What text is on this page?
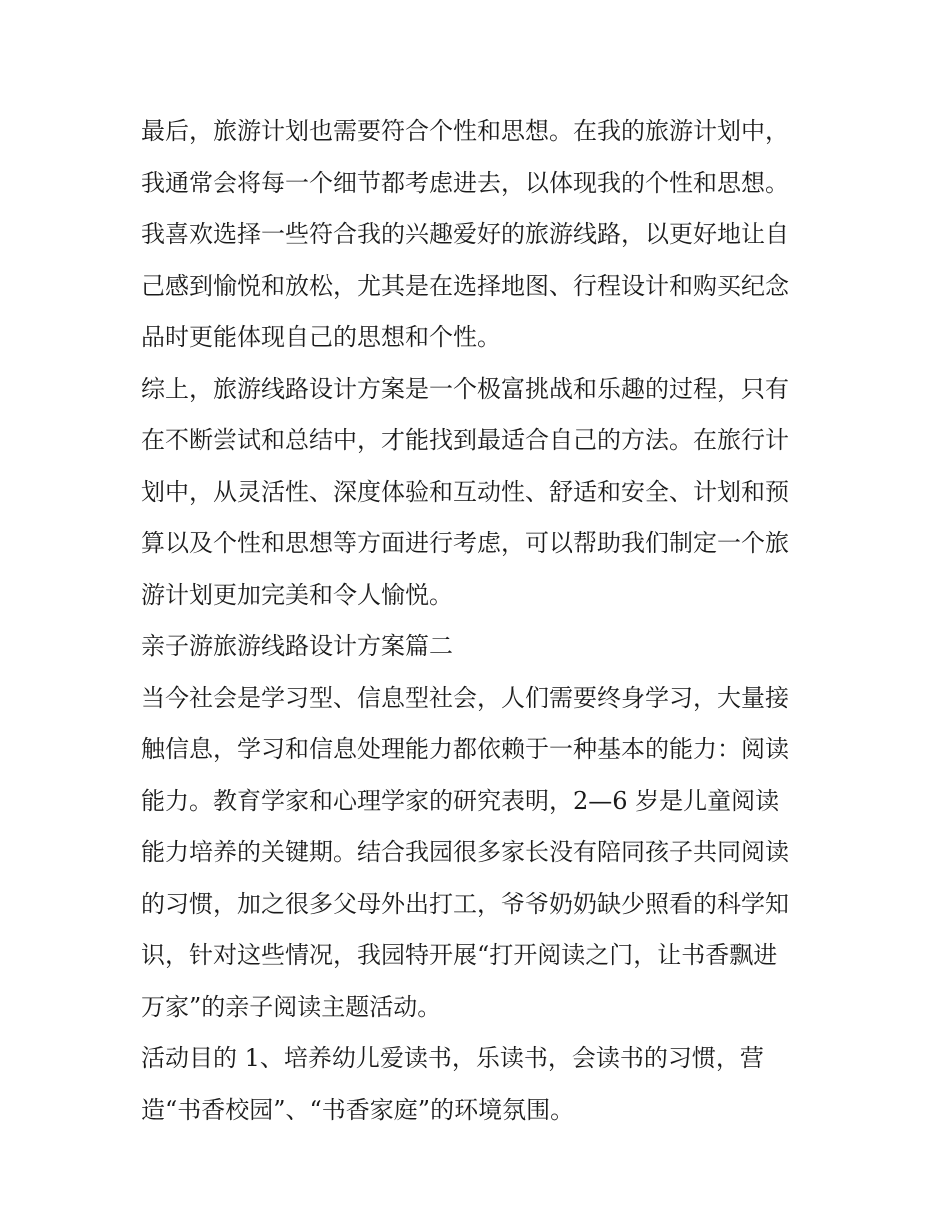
最后，旅游计划也需要符合个性和思想。在我的旅游计划中，
我通常会将每一个细节都考虑进去，以体现我的个性和思想。
我喜欢选择一些符合我的兴趣爱好的旅游线路，以更好地让自
己感到愉悦和放松，尤其是在选择地图、行程设计和购买纪念
品时更能体现自己的思想和个性。
综上，旅游线路设计方案是一个极富挑战和乐趣的过程，只有
在不断尝试和总结中，才能找到最适合自己的方法。在旅行计
划中，从灵活性、深度体验和互动性、舒适和安全、计划和预
算以及个性和思想等方面进行考虑，可以帮助我们制定一个旅
游计划更加完美和令人愉悦。
亲子游旅游线路设计方案篇二
当今社会是学习型、信息型社会，人们需要终身学习，大量接
触信息，学习和信息处理能力都依赖于一种基本的能力：阅读
能力。教育学家和心理学家的研究表明，2—6 岁是儿童阅读
能力培养的关键期。结合我园很多家长没有陪同孩子共同阅读
的习惯，加之很多父母外出打工，爷爷奶奶缺少照看的科学知
识，针对这些情况，我园特开展“打开阅读之门，让书香飘进
万家”的亲子阅读主题活动。
活动目的 1、培养幼儿爱读书，乐读书，会读书的习惯，营
造“书香校园”、“书香家庭”的环境氛围。
